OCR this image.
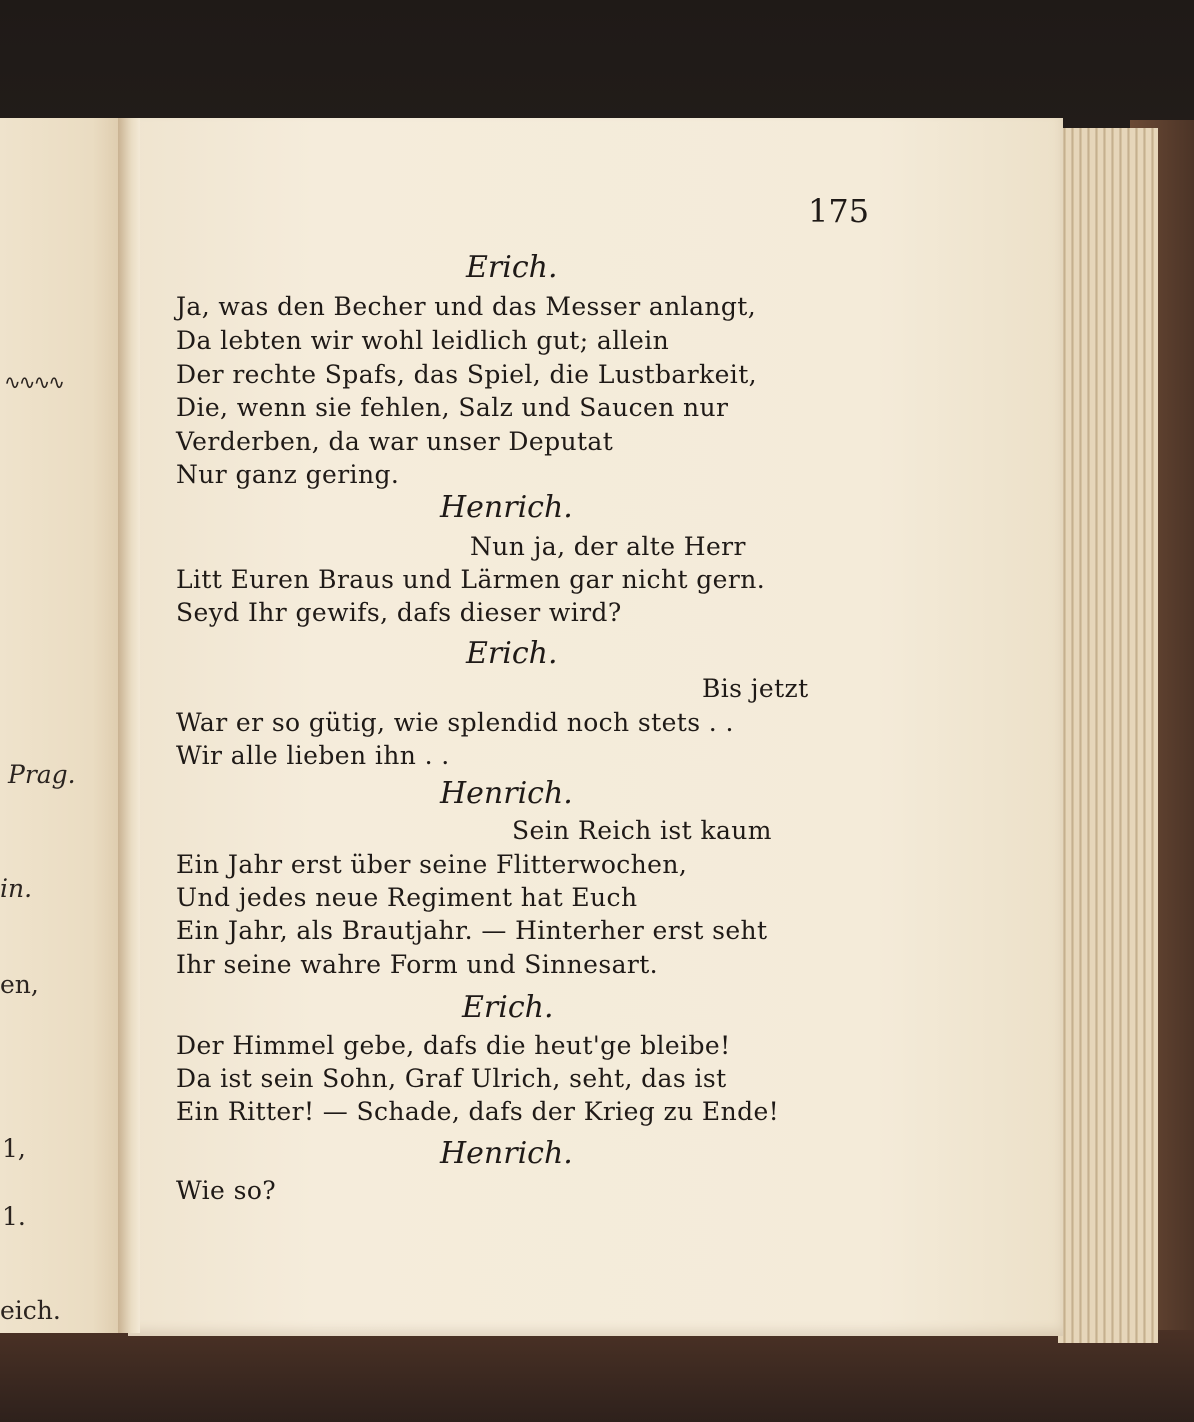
∿∿∿∿
Prag.
in.
en,
1,
1.
eich.
175
Erich.
Ja, was den Becher und das Messer anlangt,
Da lebten wir wohl leidlich gut; allein
Der rechte Spafs, das Spiel, die Lustbarkeit,
Die, wenn sie fehlen, Salz und Saucen nur
Verderben, da war unser Deputat
Nur ganz gering.
Henrich.
Nun ja, der alte Herr
Litt Euren Braus und Lärmen gar nicht gern.
Seyd Ihr gewifs, dafs dieser wird?
Erich.
Bis jetzt
War er so gütig, wie splendid noch stets . .
Wir alle lieben ihn . .
Henrich.
Sein Reich ist kaum
Ein Jahr erst über seine Flitterwochen,
Und jedes neue Regiment hat Euch
Ein Jahr, als Brautjahr. — Hinterher erst seht
Ihr seine wahre Form und Sinnesart.
Erich.
Der Himmel gebe, dafs die heut'ge bleibe!
Da ist sein Sohn, Graf Ulrich, seht, das ist
Ein Ritter! — Schade, dafs der Krieg zu Ende!
Henrich.
Wie so?
